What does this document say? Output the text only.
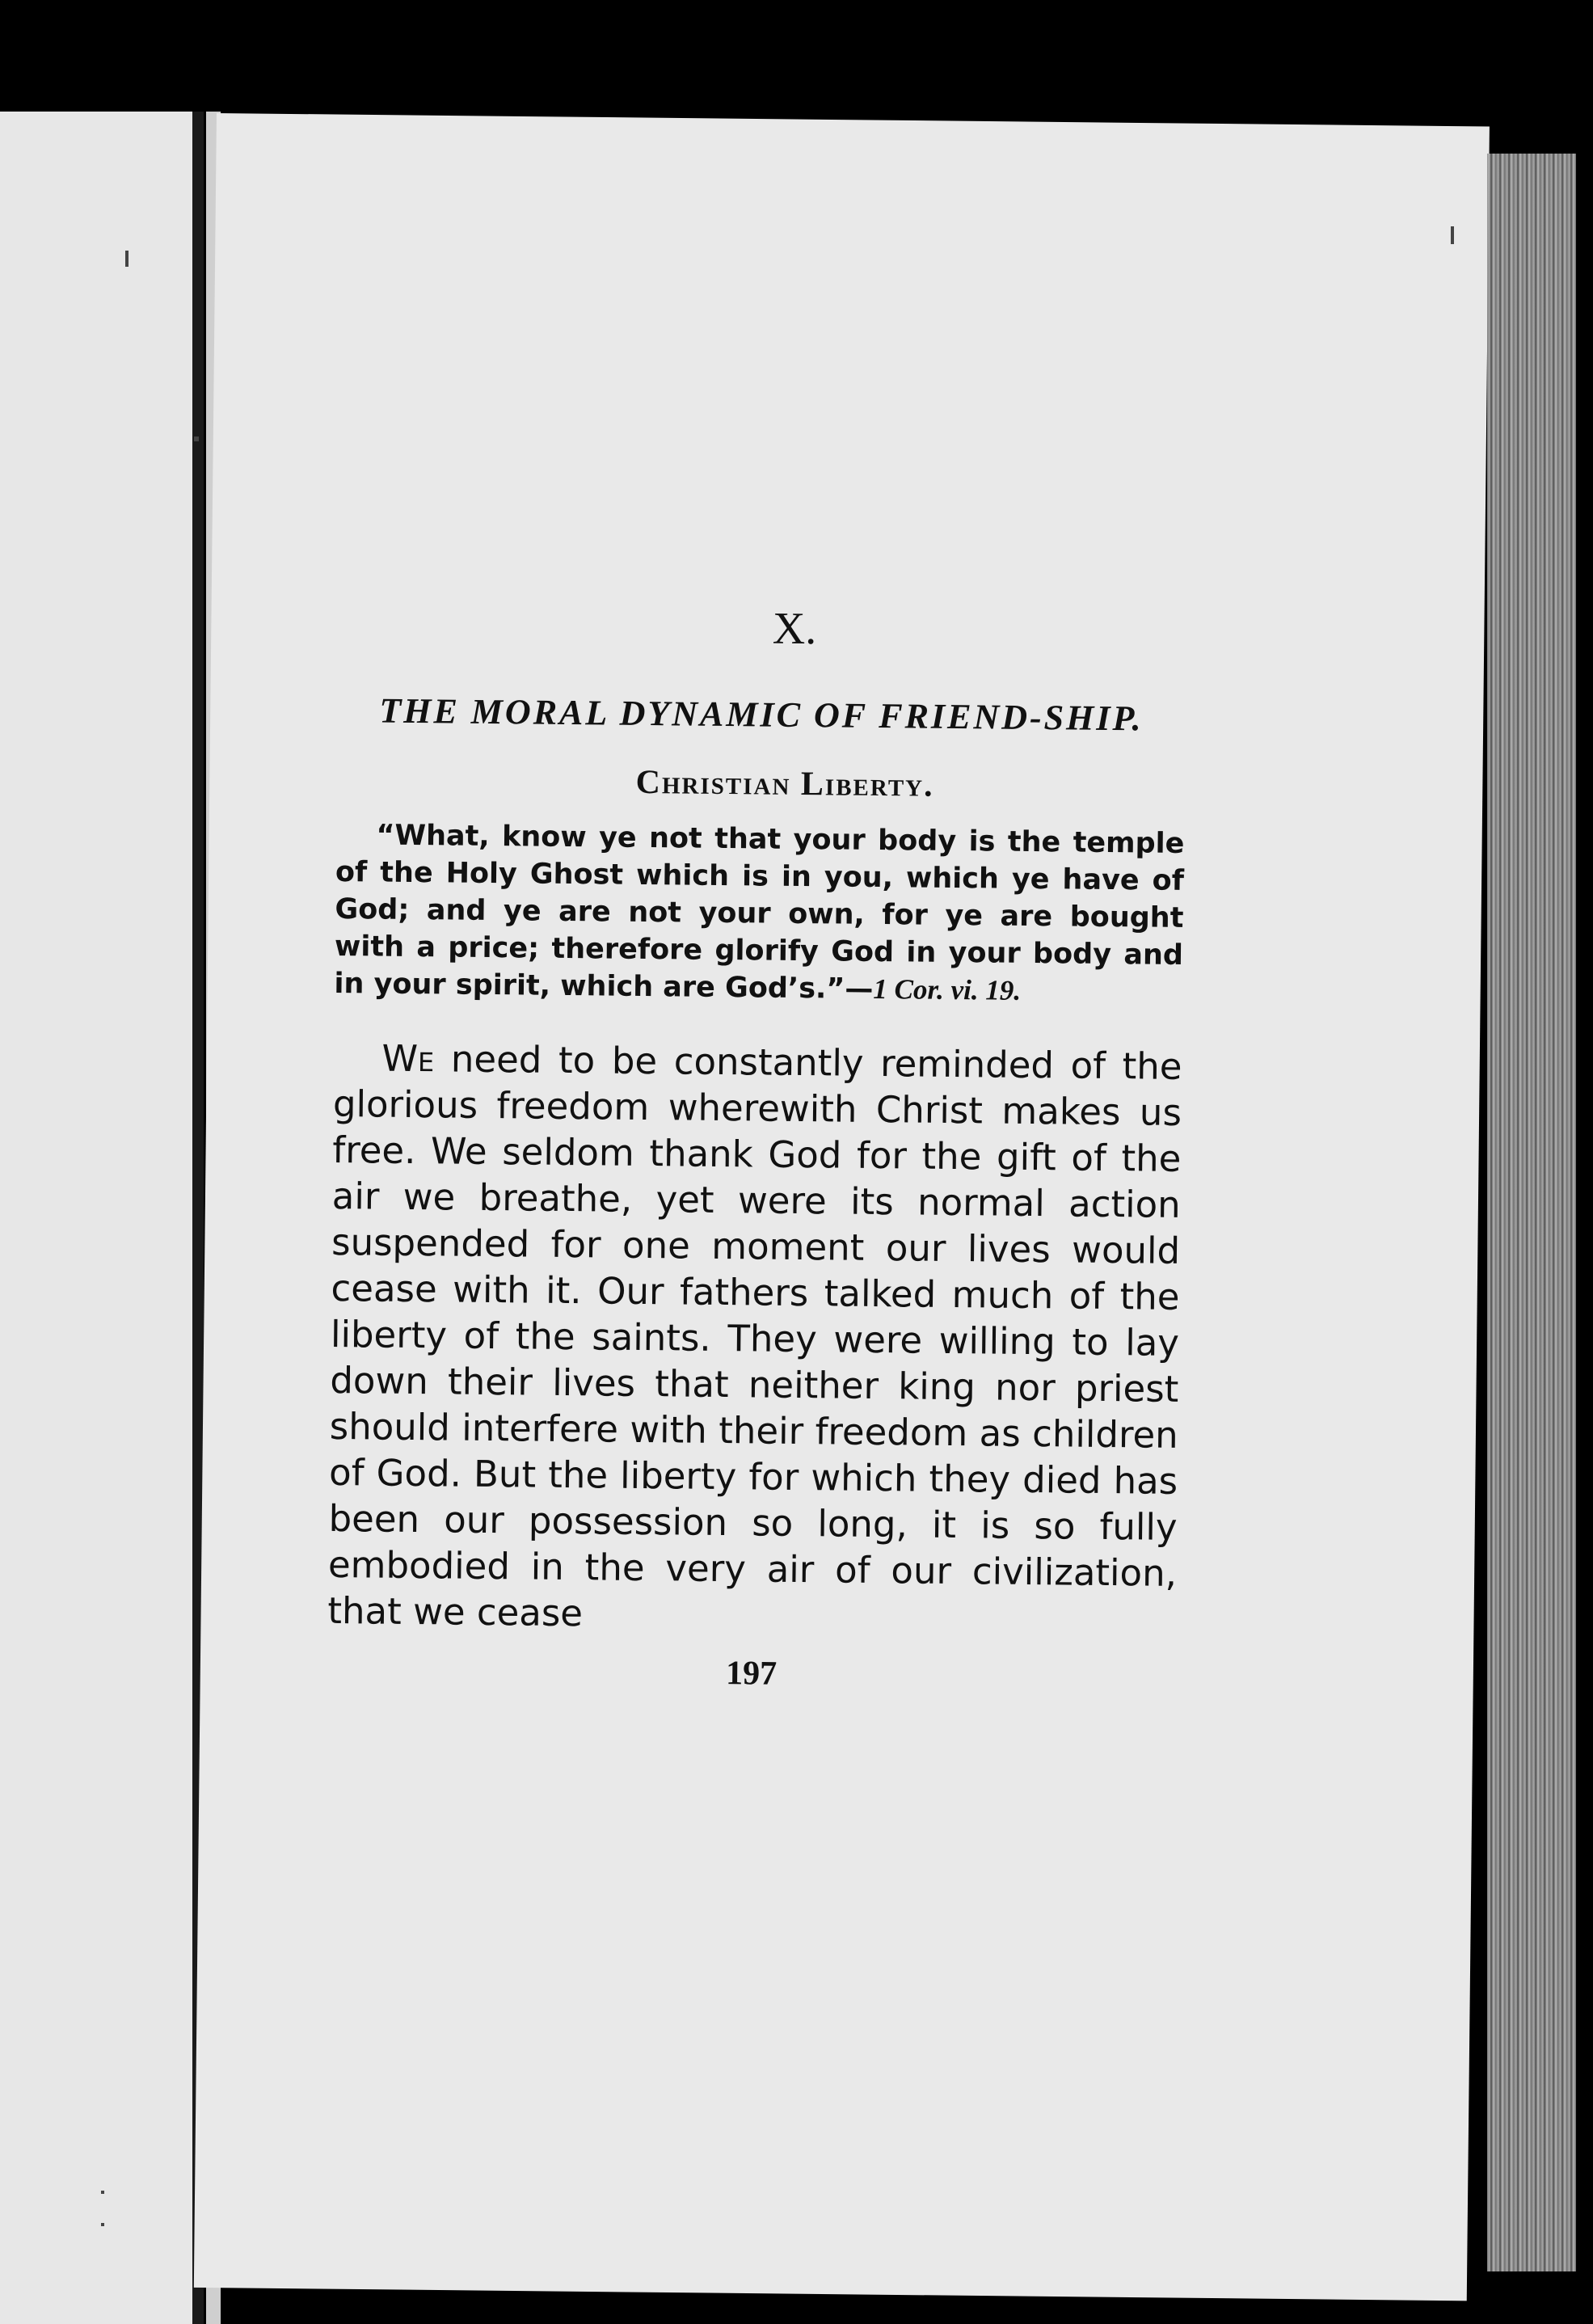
X.
THE MORAL DYNAMIC OF FRIEND-SHIP.
Christian Liberty.
“What, know ye not that your body is the temple of the Holy Ghost which is in you, which ye have of God; and ye are not your own, for ye are bought with a price; therefore glorify God in your body and in your spirit, which are God’s.”—1 Cor. vi. 19.
We need to be constantly reminded of the glorious freedom wherewith Christ makes us free. We seldom thank God for the gift of the air we breathe, yet were its normal action suspended for one moment our lives would cease with it. Our fathers talked much of the liberty of the saints. They were willing to lay down their lives that neither king nor priest should interfere with their freedom as children of God. But the liberty for which they died has been our possession so long, it is so fully embodied in the very air of our civilization, that we cease
197
